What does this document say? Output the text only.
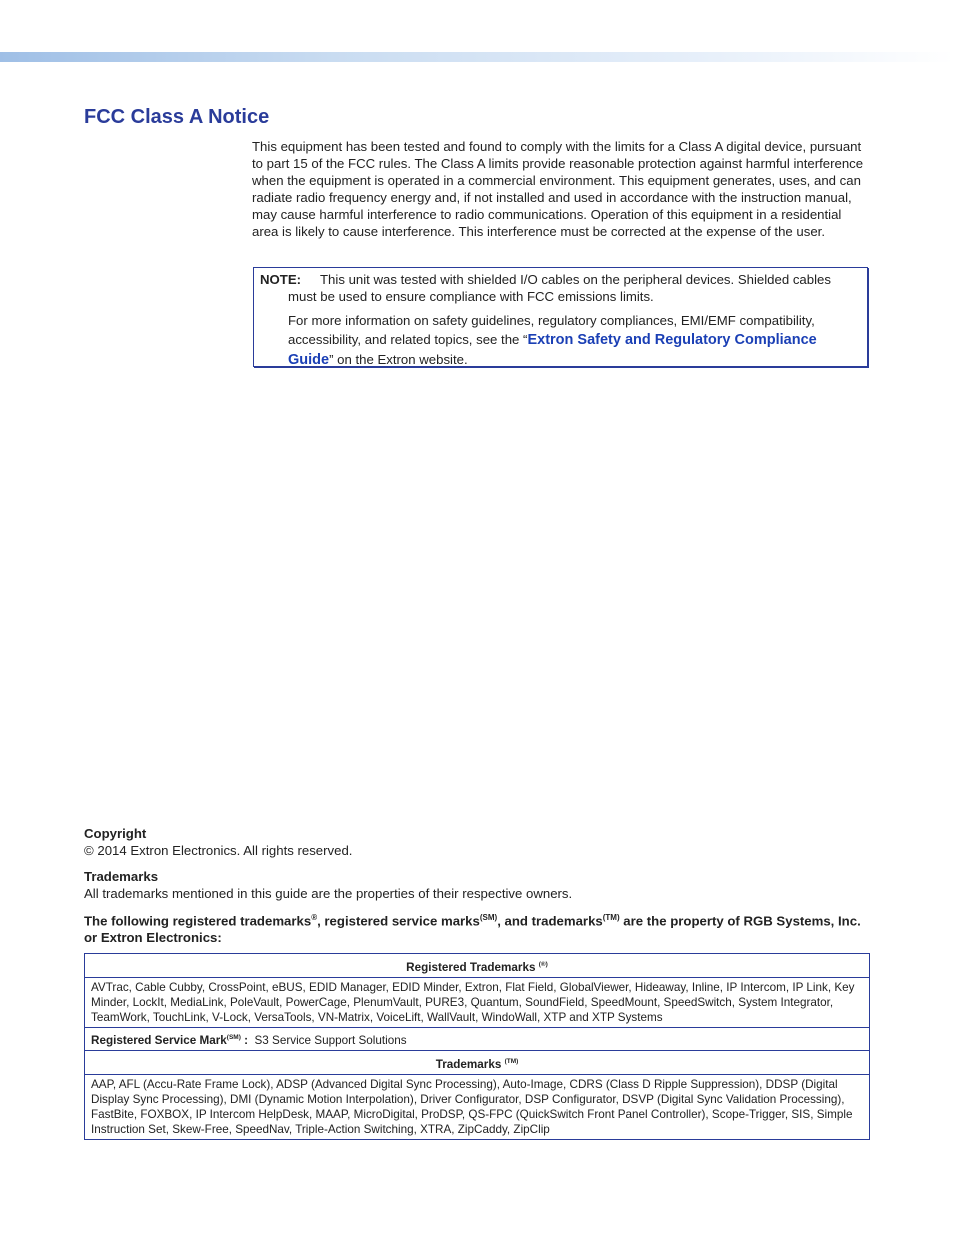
FCC Class A Notice

This equipment has been tested and found to comply with the limits for a Class A digital device, pursuant to part 15 of the FCC rules. The Class A limits provide reasonable protection against harmful interference when the equipment is operated in a commercial environment. This equipment generates, uses, and can radiate radio frequency energy and, if not installed and used in accordance with the instruction manual, may cause harmful interference to radio communications. Operation of this equipment in a residential area is likely to cause interference. This interference must be corrected at the expense of the user.

NOTE: This unit was tested with shielded I/O cables on the peripheral devices. Shielded cables must be used to ensure compliance with FCC emissions limits.

For more information on safety guidelines, regulatory compliances, EMI/EMF compatibility, accessibility, and related topics, see the “Extron Safety and Regulatory Compliance Guide” on the Extron website.

Copyright

© 2014 Extron Electronics. All rights reserved.

Trademarks

All trademarks mentioned in this guide are the properties of their respective owners.

The following registered trademarks®, registered service marks$^{(SM)}$, and trademarks$^{(TM)}$ are the property of RGB Systems, Inc. or Extron Electronics:

Registered Trademarks (®)
AVTrac, Cable Cubby, CrossPoint, eBUS, EDID Manager, EDID Minder, Extron, Flat Field, GlobalViewer, Hideaway, Inline, IP Intercom, IP Link, Key Minder, LockIt, MediaLink, PoleVault, PowerCage, PlenumVault, PURE3, Quantum, SoundField, SpeedMount, SpeedSwitch, System Integrator, TeamWork, TouchLink, V-Lock, VersaTools, VN-Matrix, VoiceLift, WallVault, WindoWall, XTP and XTP Systems
Registered Service Mark$^{(SM)}$ : S3 Service Support Solutions
Trademarks $^{(TM)}$
AAP, AFL (Accu-Rate Frame Lock), ADSP (Advanced Digital Sync Processing), Auto-Image, CDRS (Class D Ripple Suppression), DDSP (Digital Display Sync Processing), DMI (Dynamic Motion Interpolation), Driver Configurator, DSP Configurator, DSVP (Digital Sync Validation Processing), FastBite, FOXBOX, IP Intercom HelpDesk, MAAP, MicroDigital, ProDSP, QS-FPC (QuickSwitch Front Panel Controller), Scope-Trigger, SIS, Simple Instruction Set, Skew-Free, SpeedNav, Triple-Action Switching, XTRA, ZipCaddy, ZipClip
